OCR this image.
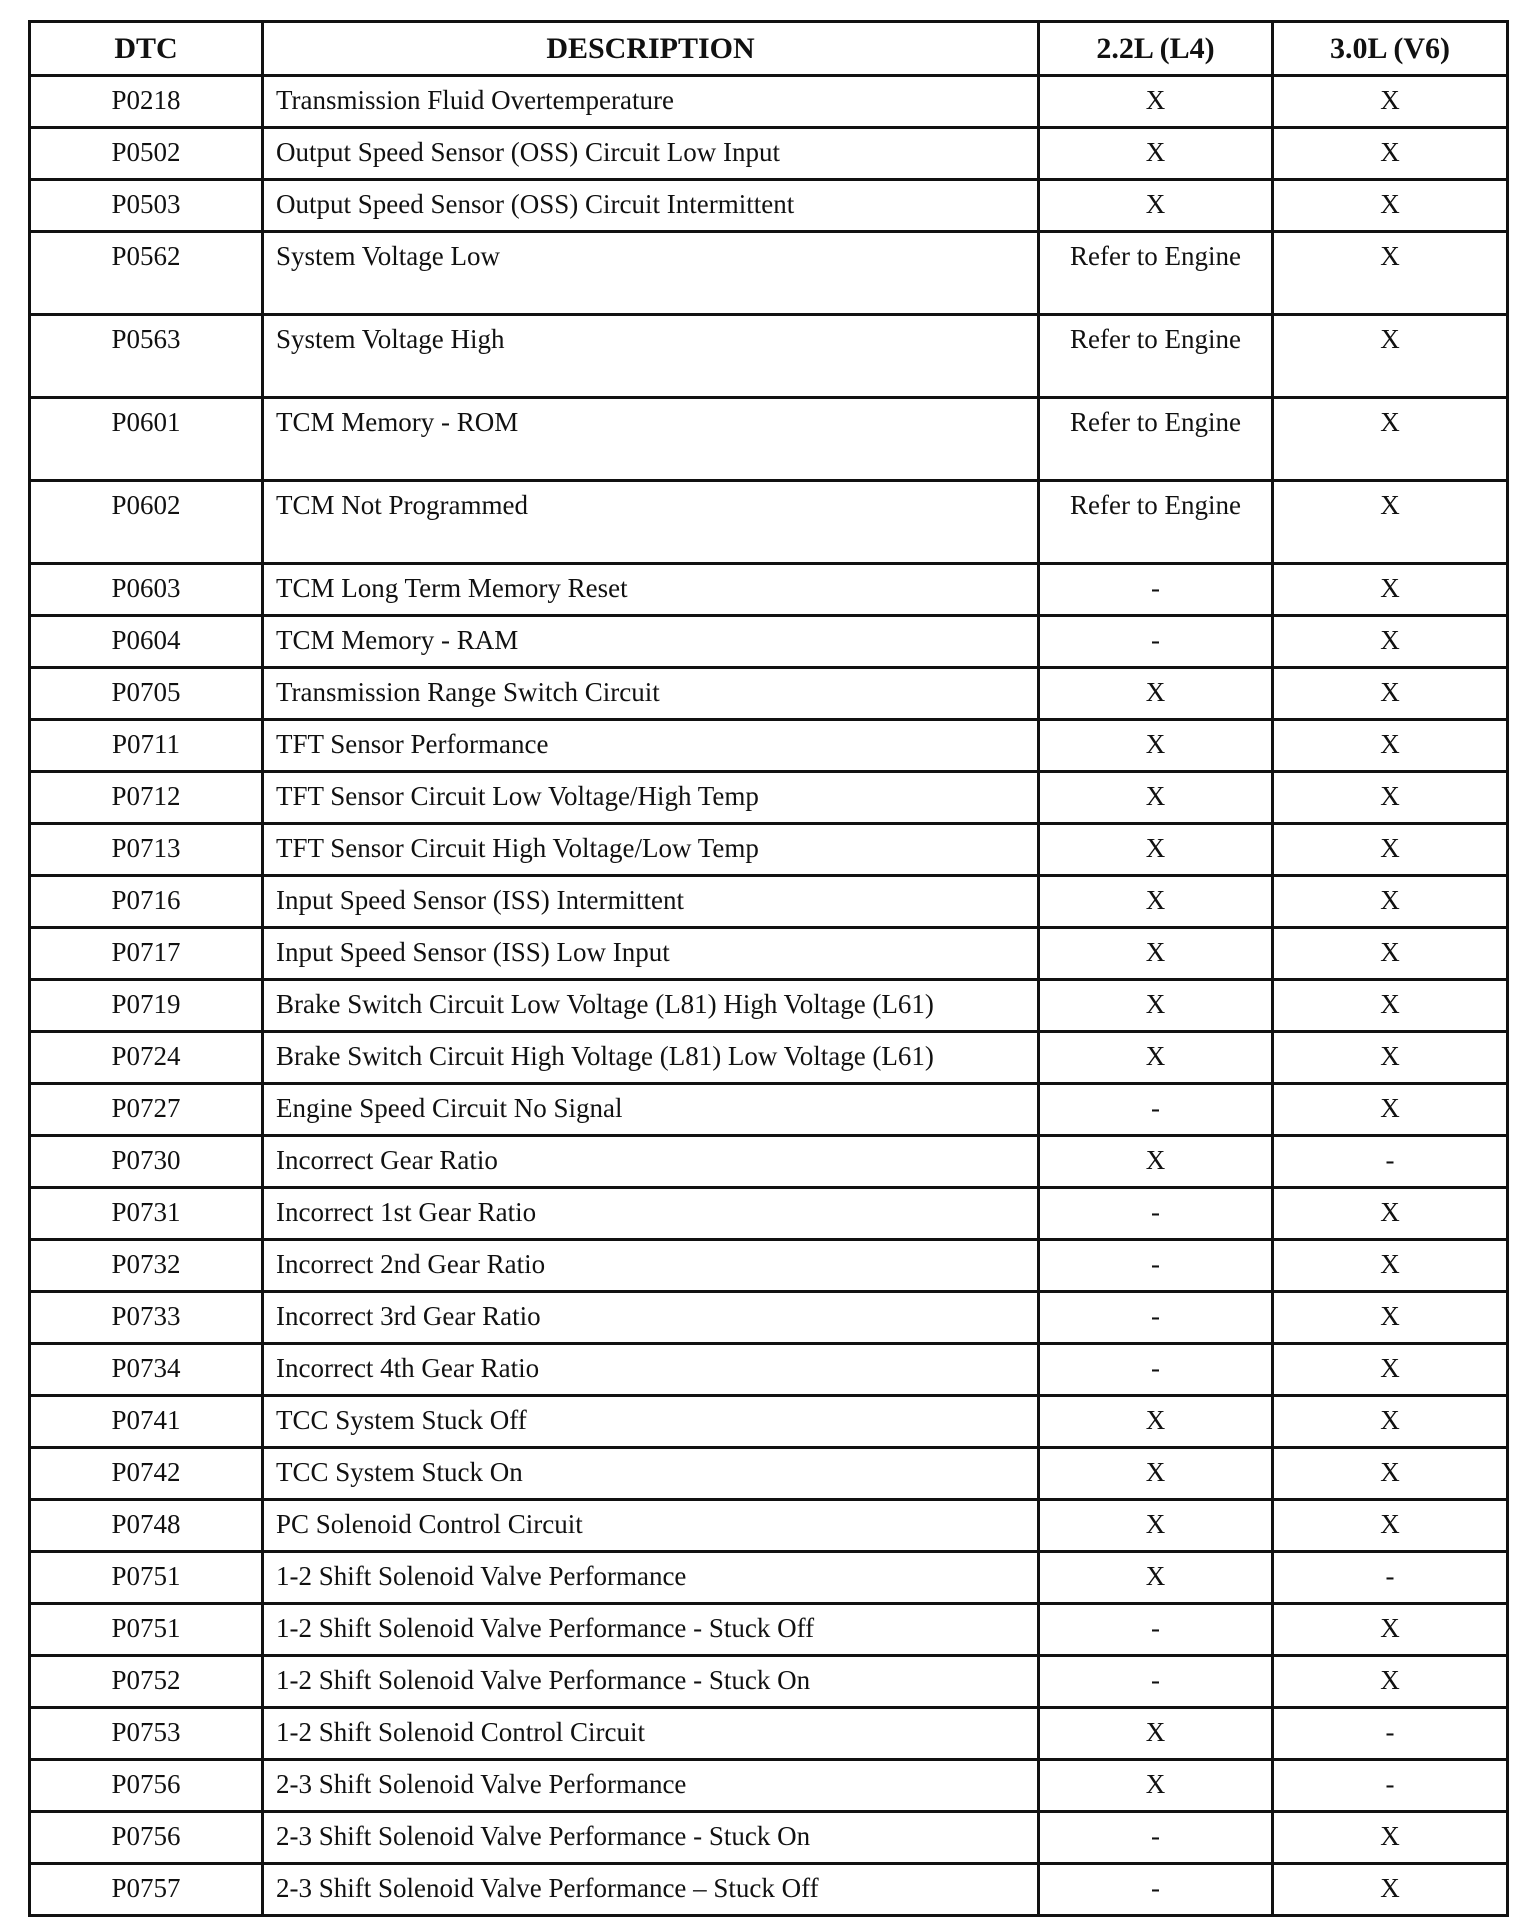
DTC	DESCRIPTION	2.2L (L4)	3.0L (V6)
P0218	Transmission Fluid Overtemperature	X	X
P0502	Output Speed Sensor (OSS) Circuit Low Input	X	X
P0503	Output Speed Sensor (OSS) Circuit Intermittent	X	X
P0562	System Voltage Low	Refer to Engine	X
P0563	System Voltage High	Refer to Engine	X
P0601	TCM Memory - ROM	Refer to Engine	X
P0602	TCM Not Programmed	Refer to Engine	X
P0603	TCM Long Term Memory Reset	-	X
P0604	TCM Memory - RAM	-	X
P0705	Transmission Range Switch Circuit	X	X
P0711	TFT Sensor Performance	X	X
P0712	TFT Sensor Circuit Low Voltage/High Temp	X	X
P0713	TFT Sensor Circuit High Voltage/Low Temp	X	X
P0716	Input Speed Sensor (ISS) Intermittent	X	X
P0717	Input Speed Sensor (ISS) Low Input	X	X
P0719	Brake Switch Circuit Low Voltage (L81) High Voltage (L61)	X	X
P0724	Brake Switch Circuit High Voltage (L81) Low Voltage (L61)	X	X
P0727	Engine Speed Circuit No Signal	-	X
P0730	Incorrect Gear Ratio	X	-
P0731	Incorrect 1st Gear Ratio	-	X
P0732	Incorrect 2nd Gear Ratio	-	X
P0733	Incorrect 3rd Gear Ratio	-	X
P0734	Incorrect 4th Gear Ratio	-	X
P0741	TCC System Stuck Off	X	X
P0742	TCC System Stuck On	X	X
P0748	PC Solenoid Control Circuit	X	X
P0751	1-2 Shift Solenoid Valve Performance	X	-
P0751	1-2 Shift Solenoid Valve Performance - Stuck Off	-	X
P0752	1-2 Shift Solenoid Valve Performance - Stuck On	-	X
P0753	1-2 Shift Solenoid Control Circuit	X	-
P0756	2-3 Shift Solenoid Valve Performance	X	-
P0756	2-3 Shift Solenoid Valve Performance - Stuck On	-	X
P0757	2-3 Shift Solenoid Valve Performance – Stuck Off	-	X
